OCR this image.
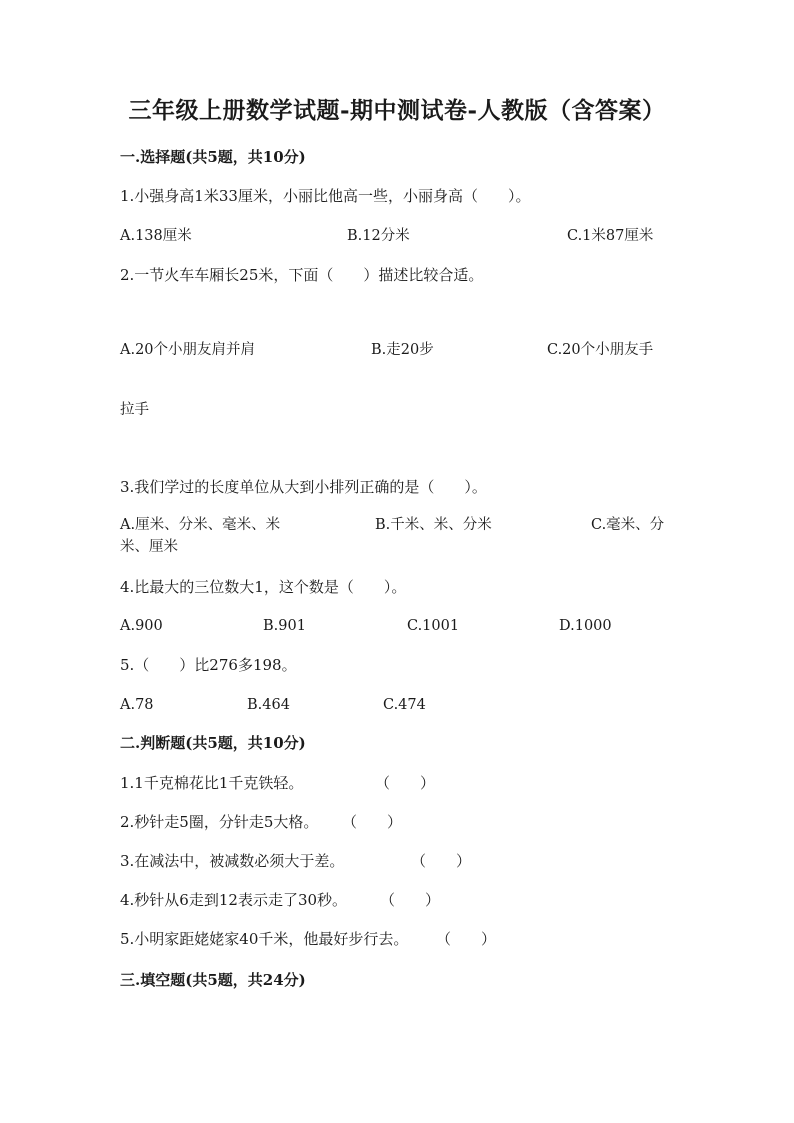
三年级上册数学试题-期中测试卷-人教版（含答案）
一.选择题(共5题，共10分)
1.小强身高1米33厘米，小丽比他高一些，小丽身高（　　）。
A.138厘米	B.12分米	C.1米87厘米
2.一节火车车厢长25米，下面（　　）描述比较合适。
A.20个小朋友肩并肩	B.走20步	C.20个小朋友手
拉手
3.我们学过的长度单位从大到小排列正确的是（　　）。
A.厘米、分米、毫米、米	B.千米、米、分米	C.毫米、分
米、厘米
4.比最大的三位数大1，这个数是（　　）。
A.900	B.901	C.1001	D.1000
5.（　　）比276多198。
A.78	B.464	C.474
二.判断题(共5题，共10分)
1.1千克棉花比1千克铁轻。	（　　）
2.秒针走5圈，分针走5大格。 （　　）
3.在减法中，被减数必须大于差。	（　　）
4.秒针从6走到12表示走了30秒。 （　　）
5.小明家距姥姥家40千米，他最好步行去。 （　　）
三.填空题(共5题，共24分)
